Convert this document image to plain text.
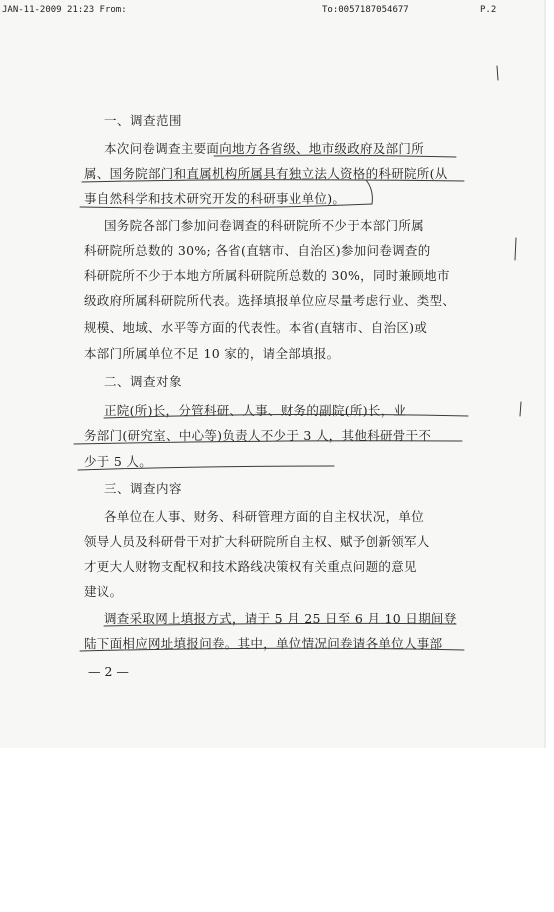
JAN-11-2009 21:23 From:	To:0057187054677	P.2
一、调查范围
本次问卷调查主要面向地方各省级、地市级政府及部门所
属、国务院部门和直属机构所属具有独立法人资格的科研院所(从
事自然科学和技术研究开发的科研事业单位)。
国务院各部门参加问卷调查的科研院所不少于本部门所属
科研院所总数的 30%; 各省(直辖市、自治区)参加问卷调查的
科研院所不少于本地方所属科研院所总数的 30%，同时兼顾地市
级政府所属科研院所代表。选择填报单位应尽量考虑行业、类型、
规模、地域、水平等方面的代表性。本省(直辖市、自治区)或
本部门所属单位不足 10 家的，请全部填报。
二、调查对象
正院(所)长，分管科研、人事、财务的副院(所)长，业
务部门(研究室、中心等)负责人不少于 3 人，其他科研骨干不
少于 5 人。
三、调查内容
各单位在人事、财务、科研管理方面的自主权状况，单位
领导人员及科研骨干对扩大科研院所自主权、赋予创新领军人
才更大人财物支配权和技术路线决策权有关重点问题的意见
建议。
调查采取网上填报方式，请于 5 月 25 日至 6 月 10 日期间登
陆下面相应网址填报问卷。其中，单位情况问卷请各单位人事部
— 2 —
